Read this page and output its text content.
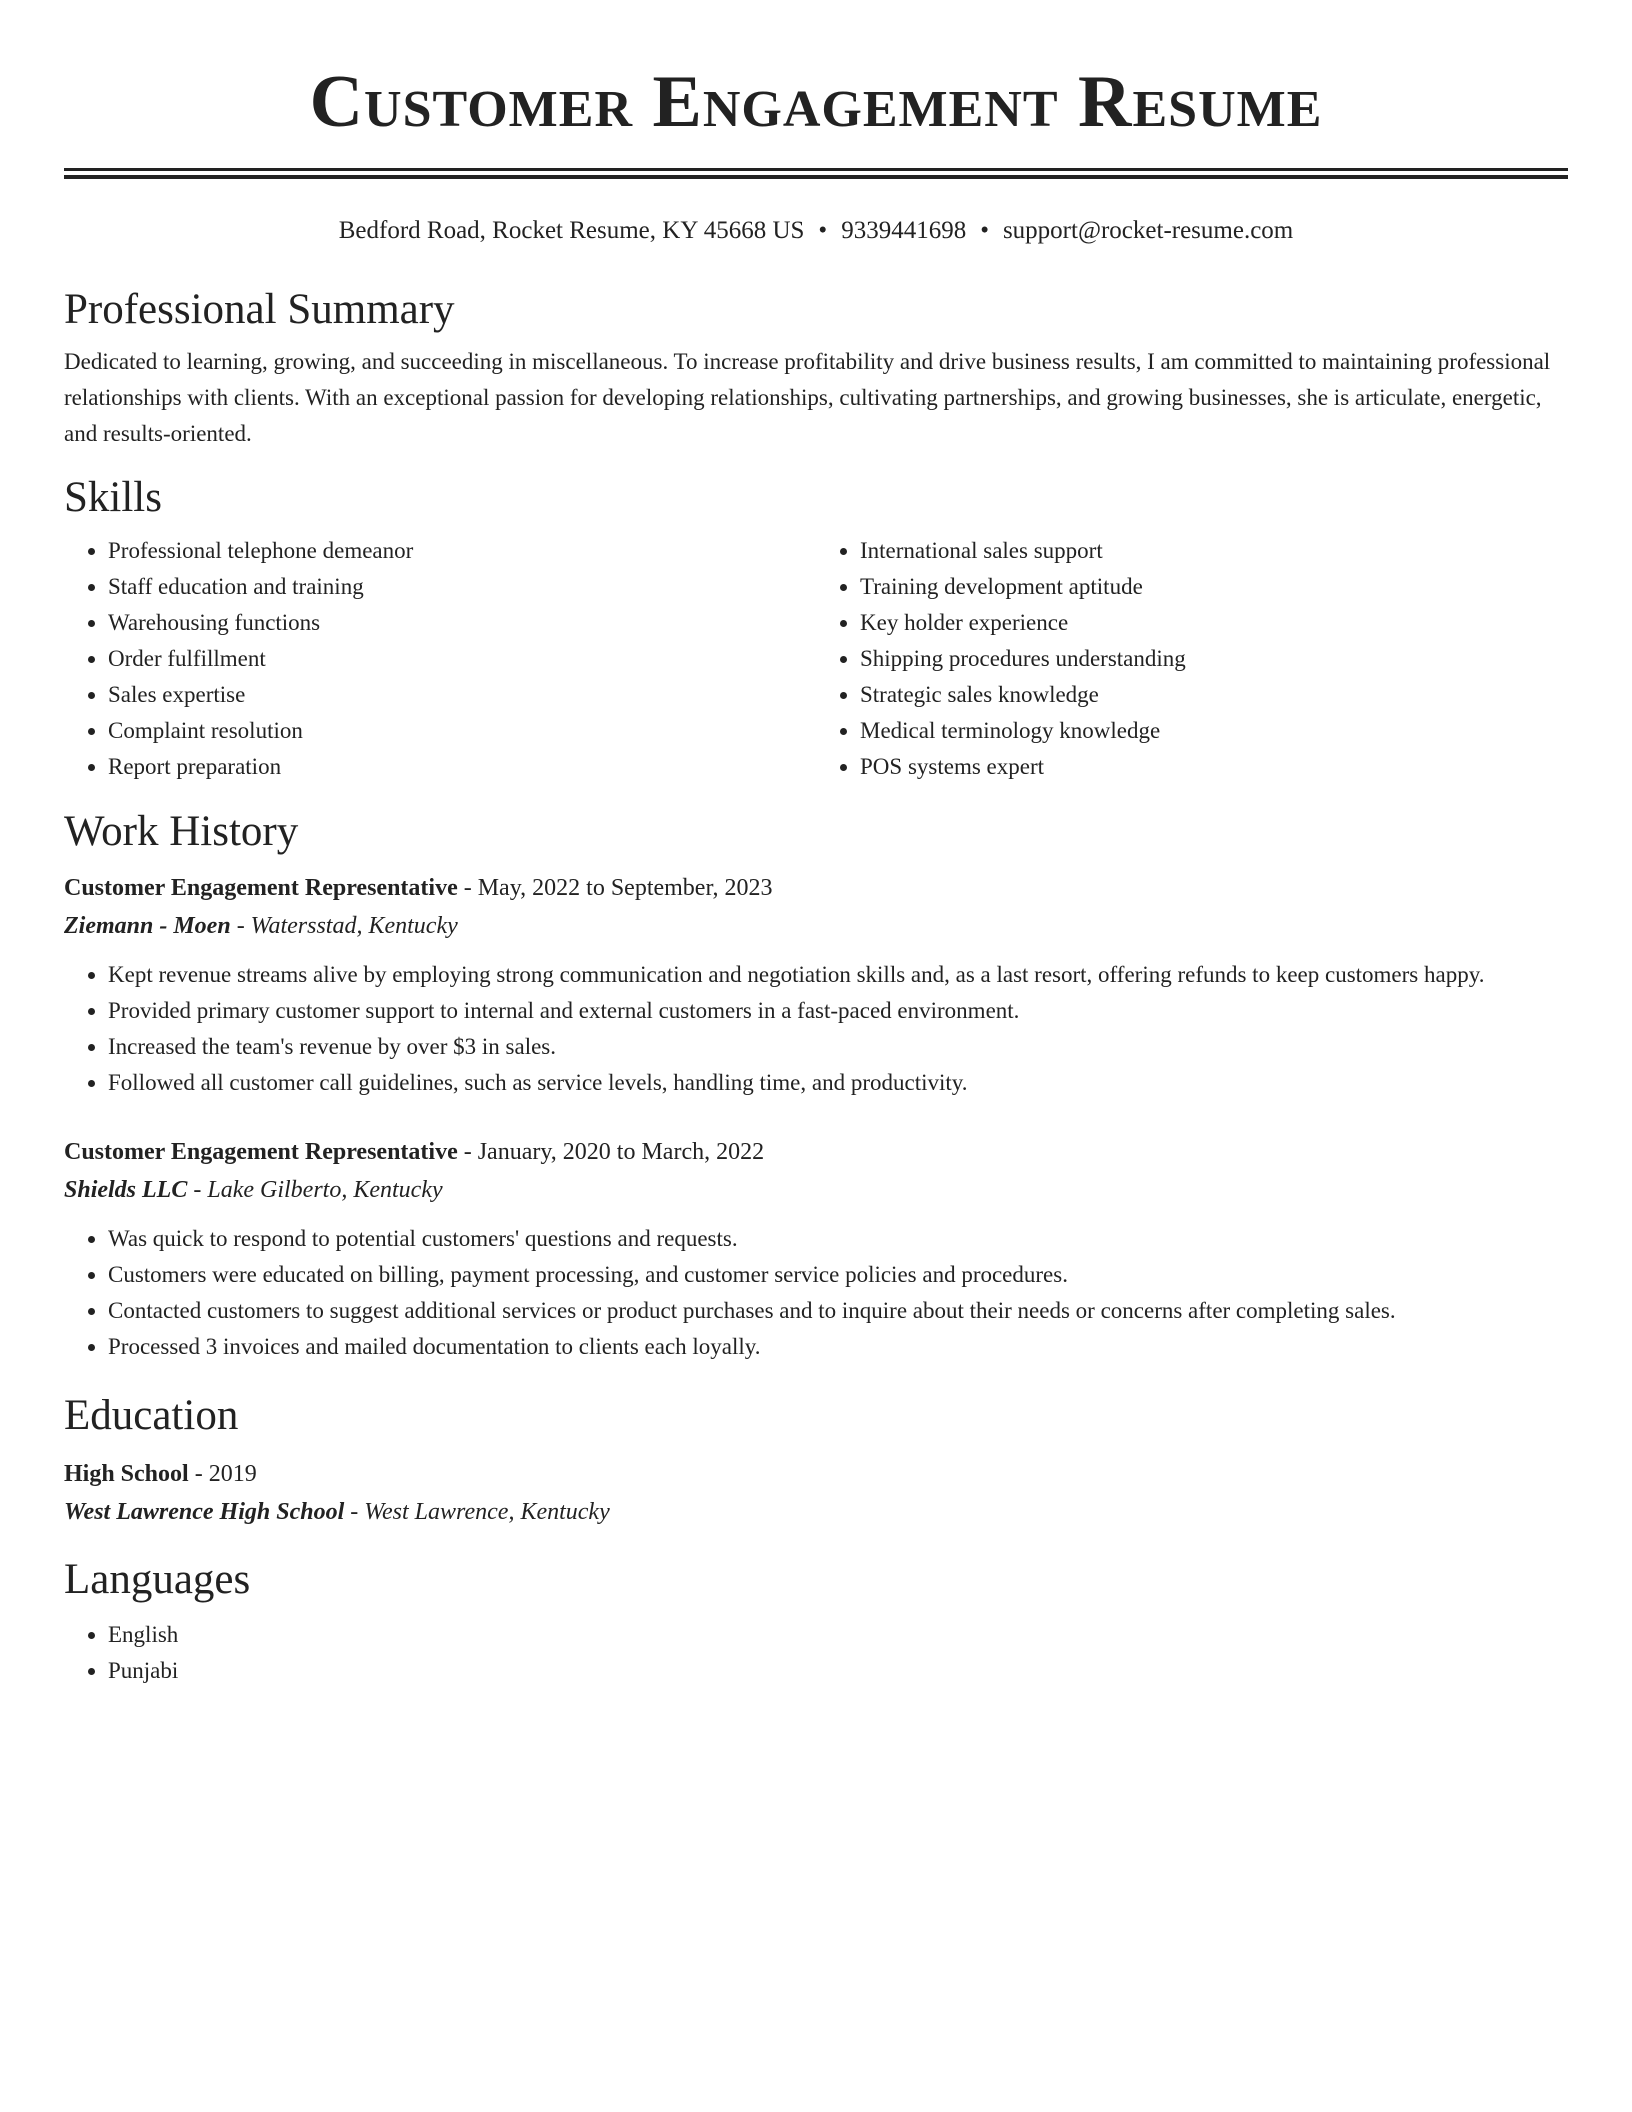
Customer Engagement Resume
Bedford Road, Rocket Resume, KY 45668 US • 9339441698 • support@rocket-resume.com
Professional Summary

Dedicated to learning, growing, and succeeding in miscellaneous. To increase profitability and drive business results, I am committed to maintaining professional relationships with clients. With an exceptional passion for developing relationships, cultivating partnerships, and growing businesses, she is articulate, energetic, and results-oriented.

Skills
• Professional telephone demeanor
• Staff education and training
• Warehousing functions
• Order fulfillment
• Sales expertise
• Complaint resolution
• Report preparation
• International sales support
• Training development aptitude
• Key holder experience
• Shipping procedures understanding
• Strategic sales knowledge
• Medical terminology knowledge
• POS systems expert
Work History
Customer Engagement Representative - May, 2022 to September, 2023
Ziemann - Moen - Watersstad, Kentucky
• Kept revenue streams alive by employing strong communication and negotiation skills and, as a last resort, offering refunds to keep customers happy.
• Provided primary customer support to internal and external customers in a fast-paced environment.
• Increased the team's revenue by over $3 in sales.
• Followed all customer call guidelines, such as service levels, handling time, and productivity.
Customer Engagement Representative - January, 2020 to March, 2022
Shields LLC - Lake Gilberto, Kentucky
• Was quick to respond to potential customers' questions and requests.
• Customers were educated on billing, payment processing, and customer service policies and procedures.
• Contacted customers to suggest additional services or product purchases and to inquire about their needs or concerns after completing sales.
• Processed 3 invoices and mailed documentation to clients each loyally.
Education
High School - 2019
West Lawrence High School - West Lawrence, Kentucky
Languages
• English
• Punjabi
